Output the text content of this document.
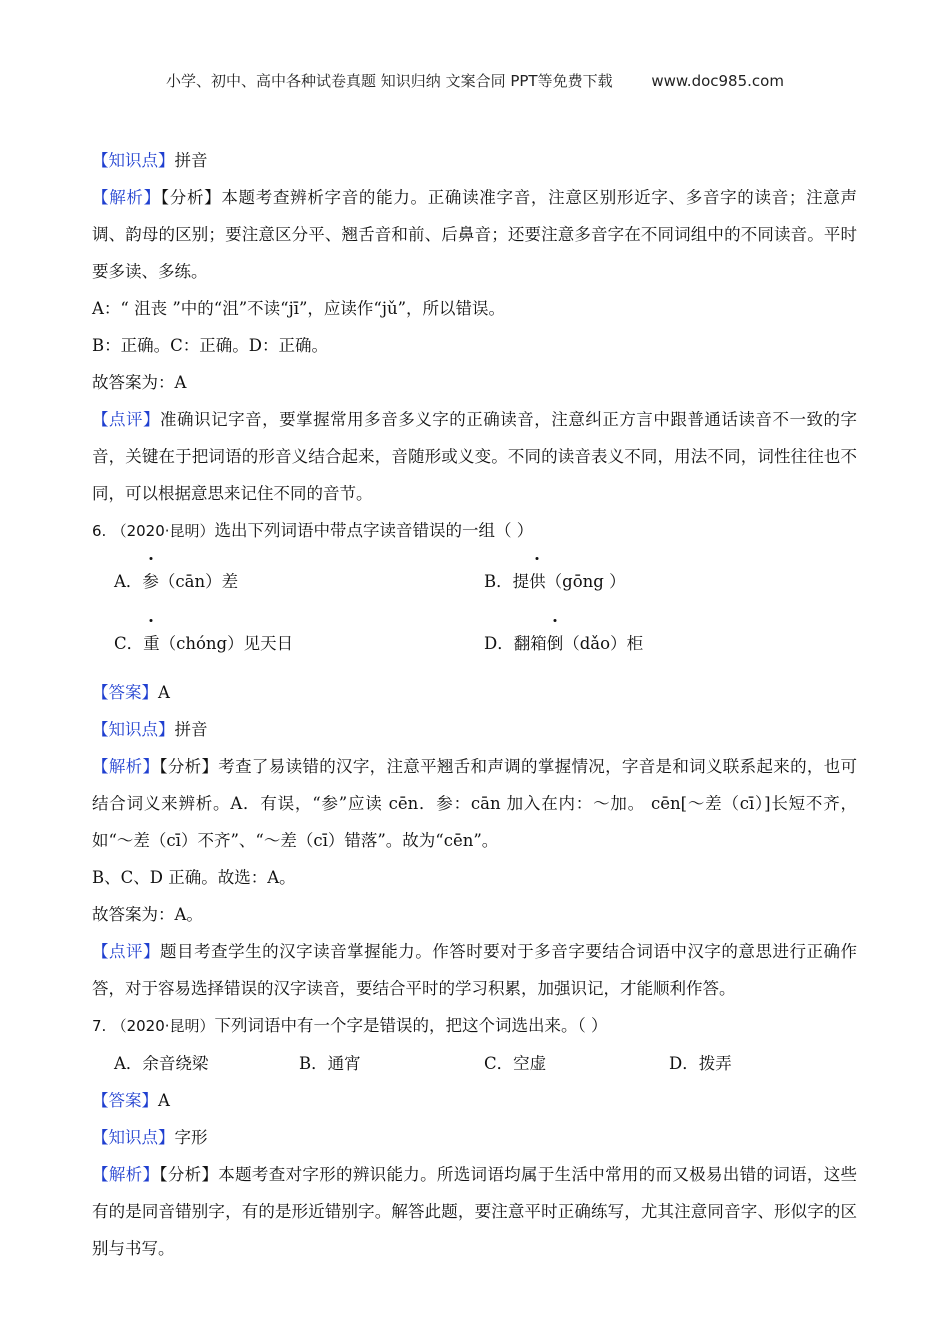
小学、初中、高中各种试卷真题 知识归纳 文案合同 PPT等免费下载	www.doc985.com

【知识点】拼音

【解析】【分析】本题考查辨析字音的能力。正确读准字音，注意区别形近字、多音字的读音；注意声调、韵母的区别；要注意区分平、翘舌音和前、后鼻音；还要注意多音字在不同词组中的不同读音。平时要多读、多练。

A：“ 沮丧 ”中的“沮”不读“jī”，应读作“jǔ”，所以错误。

B：正确。C：正确。D：正确。

故答案为：A

【点评】准确识记字音，要掌握常用多音多义字的正确读音，注意纠正方言中跟普通话读音不一致的字音，关键在于把词语的形音义结合起来，音随形或义变。不同的读音表义不同，用法不同，词性往往也不同，可以根据意思来记住不同的音节。

6. （2020·昆明）选出下列词语中带点字读音错误的一组（ ）

A．参（cān）差	B．提供（gōng ）
C．重（chóng）见天日	D．翻箱倒（dǎo）柜

【答案】A

【知识点】拼音

【解析】【分析】考查了易读错的汉字，注意平翘舌和声调的掌握情况，字音是和词义联系起来的，也可结合词义来辨析。A．有误，“参”应读 cēn．参：cān 加入在内：～加。 cēn[～差（cī）]长短不齐，如“～差（cī）不齐”、“～差（cī）错落”。故为“cēn”。

B、C、D 正确。故选：A。

故答案为：A。

【点评】题目考查学生的汉字读音掌握能力。作答时要对于多音字要结合词语中汉字的意思进行正确作答，对于容易选择错误的汉字读音，要结合平时的学习积累，加强识记，才能顺利作答。

7. （2020·昆明）下列词语中有一个字是错误的，把这个词选出来。（ ）

A．余音绕梁	B．通宵	C．空虚	D．拨弄

【答案】A

【知识点】字形

【解析】【分析】本题考查对字形的辨识能力。所选词语均属于生活中常用的而又极易出错的词语，这些有的是同音错别字，有的是形近错别字。解答此题，要注意平时正确练写，尤其注意同音字、形似字的区别与书写。
